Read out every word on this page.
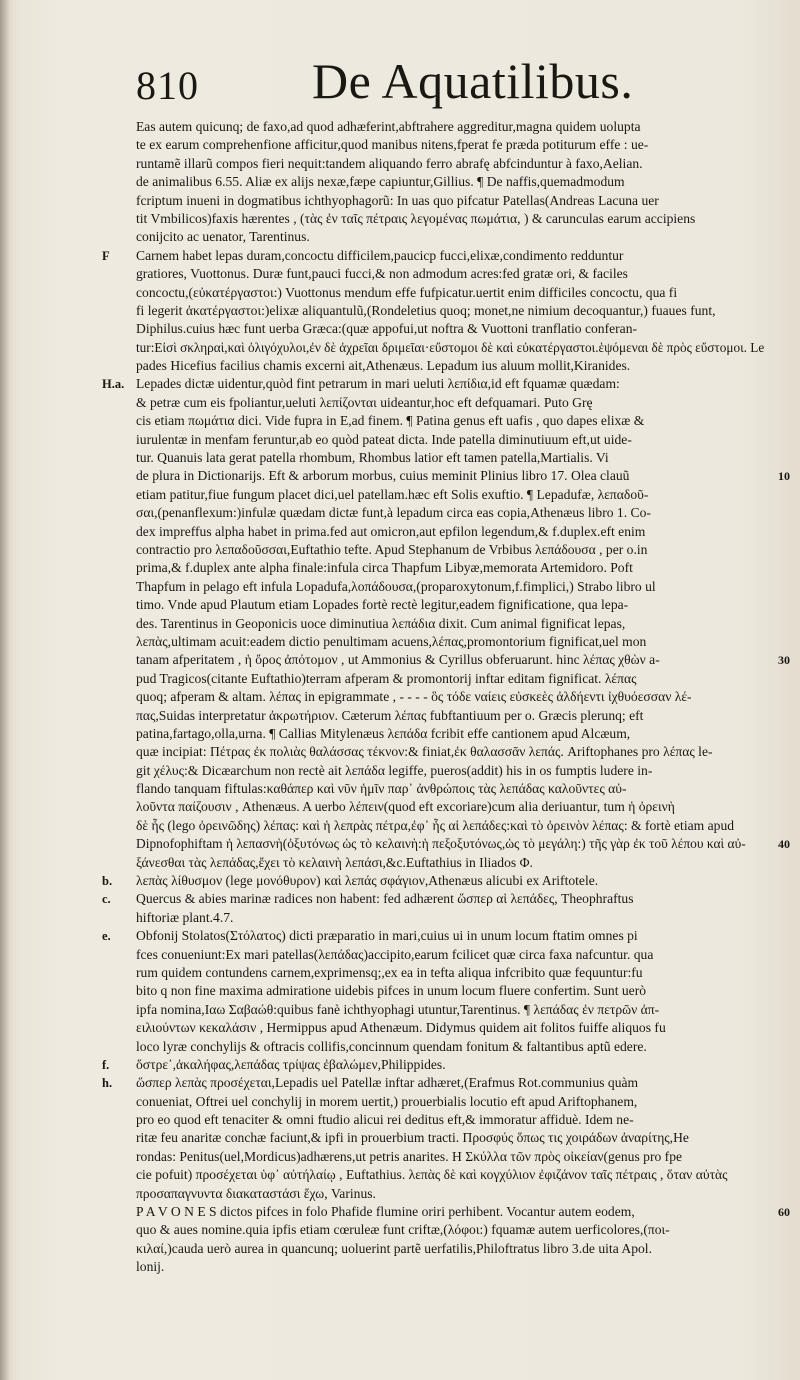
810 De Aquatilibus.
Eas autem quicunq; de faxo,ad quod adhæferint,abftrahere aggreditur,magna quidem uolupta
te ex earum comprehenfione afficitur,quod manibus nitens,fperat fe præda potiturum effe : ue-
runtamẽ illarũ compos fieri nequit:tandem aliquando ferro abrafę abfcinduntur à faxo,Aelian.
de animalibus 6.55. Aliæ ex alijs nexæ,fæpe capiuntur,Gillius. ¶ De naffis,quemadmodum
fcriptum inueni in dogmatibus ichthyophagorũ: In uas quo pifcatur Patellas(Andreas Lacuna uer
tit Vmbilicos)faxis hærentes , (τὰς ἐν ταῖς πέτραις λεγομένας πωμάτια, ) & carunculas earum accipiens
conijcito ac uenator, Tarentinus.
F Carnem habet lepas duram,concoctu difficilem,paucicp fucci,elixæ,condimento redduntur
gratiores, Vuottonus. Duræ funt,pauci fucci,& non admodum acres:fed gratæ ori, & faciles
concoctu,(εὐκατέργαστοι:) Vuottonus mendum effe fufpicatur.uertit enim difficiles concoctu, qua fi
fi legerit ἀκατέργαστοι:)elixæ aliquantulũ,(Rondeletius quoq; monet,ne nimium decoquantur,) fuaues funt,
Diphilus.cuius hæc funt uerba Græca:(quæ appofui,ut noftra & Vuottoni tranflatio conferan-
tur:Εἰσὶ σκληραὶ,καὶ ὀλιγόχυλοι,ἐν δὲ ἀχρεῖαι δριμεῖαι·εὔστομοι δὲ καὶ εὐκατέργαστοι.ἑψόμεναι δὲ πρὸς εὔστομοι. Le
pades Hicefius facilius chamis excerni ait,Athenæus. Lepadum ius aluum mollit,Kiranides.
H.a. Lepades dictæ uidentur,quòd fint petrarum in mari ueluti λεπίδια,id eft fquamæ quædam:
& petræ cum eis fpoliantur,ueluti λεπίζονται uideantur,hoc eft defquamari. Puto Grę
cis etiam πωμάτια dici. Vide fupra in E,ad finem. ¶ Patina genus eft uafis , quo dapes elixæ &
iurulentæ in menfam feruntur,ab eo quòd pateat dicta. Inde patella diminutiuum eft,ut uide-
tur. Quanuis lata gerat patella rhombum, Rhombus latior eft tamen patella,Martialis. Vi
de plura in Dictionarijs. Eft & arborum morbus, cuius meminit Plinius libro 17. Olea clauũ	10
etiam patitur,fiue fungum placet dici,uel patellam.hæc eft Solis exuftio. ¶ Lepadufæ, λεπαδοῦ-
σαι,(penanflexum:)infulæ quædam dictæ funt,à lepadum circa eas copia,Athenæus libro 1. Co-
dex impreffus alpha habet in prima.fed aut omicron,aut epfilon legendum,& f.duplex.eft enim
contractio pro λεπαδοῦσσαι,Euftathio tefte. Apud Stephanum de Vrbibus λεπάδουσα , per o.in
prima,& f.duplex ante alpha finale:infula circa Thapfum Libyæ,memorata Artemidoro. Poft
Thapfum in pelago eft infula Lopadufa,λοπάδουσα,(proparoxytonum,f.fimplici,) Strabo libro ul
timo. Vnde apud Plautum etiam Lopades fortè rectè legitur,eadem fignificatione, qua lepa-
des. Tarentinus in Geoponicis uoce diminutiua λεπάδια dixit. Cum animal fignificat lepas,
λεπὰς,ultimam acuit:eadem dictio penultimam acuens,λέπας,promontorium fignificat,uel mon
tanam afperitatem , ἡ ὄρος ἀπότομον , ut Ammonius & Cyrillus obferuarunt. hinc λέπας χθὼν a-	30
pud Tragicos(citante Euftathio)terram afperam & promontorij inftar editam fignificat. λέπας
quoq; afperam & altam. λέπας in epigrammate , - - - - ὃς τόδε ναίεις εὐσκεὲς ἀλδήεντι ἰχθυόεσσαν λέ-
πας,Suidas interpretatur ἀκρωτήριον. Cæterum λέπας fubftantiuum per o. Græcis plerunq; eft
patina,fartago,olla,urna. ¶ Callias Mitylenæus λεπάδα fcribit effe cantionem apud Alcæum,
quæ incipiat: Πέτρας ἐκ πολιὰς θαλάσσας τέκνον:& finiat,ἐκ θαλασσᾶν λεπάς. Ariftophanes pro λέπας le-
git χέλυς:& Dicæarchum non rectè ait λεπάδα legiffe, pueros(addit) his in os fumptis ludere in-
flando tanquam fiftulas:καθάπερ καὶ νῦν ἡμῖν παρ᾽ ἀνθρώποις τὰς λεπάδας καλοῦντες αὐ-
λοῦντα παίζουσιν , Athenæus. A uerbo λέπειν(quod eft excoriare)cum alia deriuantur, tum ἡ ὀρεινὴ
δὲ ἧς (lego ὀρεινῶδης) λέπας: καὶ ἡ λεπρὰς πέτρα,ἐφ᾽ ἧς αἱ λεπάδες:καὶ τὸ ὀρεινὸν λέπας: & fortè etiam apud
Dipnofophiftam ἡ λεπασνὴ(ὀξυτόνως ὡς τὸ κελαινὴ:ἡ πεξοξυτόνως,ὡς τὸ μεγάλη:) τῆς γὰρ ἐκ τοῦ λέπου καὶ αὐ-	40
ξάνεσθαι τὰς λεπάδας,ἔχει τὸ κελαινὴ λεπάσι,&c.Euftathius in Iliados Φ.
b. λεπὰς λίθυσμον (lege μονόθυρον) καὶ λεπάς σφάγιον,Athenæus alicubi ex Ariftotele.
c. Quercus & abies marinæ radices non habent: fed adhærent ὥσπερ αἱ λεπάδες, Theophraftus
hiftoriæ plant.4.7.
e. Obfonij Stolatos(Στόλατος) dicti præparatio in mari,cuius ui in unum locum ftatim omnes pi
fces conueniunt:Ex mari patellas(λεπάδας)accipito,earum fcilicet quæ circa faxa nafcuntur. qua
rum quidem contundens carnem,exprimensq;,ex ea in tefta aliqua infcribito quæ fequuntur:fu
bito q non fine maxima admiratione uidebis pifces in unum locum fluere confertim. Sunt uerò
ipfa nomina,Ιαω Σαβαώθ:quibus fanè ichthyophagi utuntur,Tarentinus. ¶ λεπάδας ἐν πετρῶν ἀπ-
ειλιούντων κεκαλάσιν , Hermippus apud Athenæum. Didymus quidem ait folitos fuiffe aliquos fu
loco lyræ conchylijs & oftracis collifis,concinnum quendam fonitum & faltantibus aptũ edere.
f. ὄστρε᾽,ἀκαλήφας,λεπάδας τρίψας ἐβαλώμεν,Philippides.
h. ὥσπερ λεπὰς προσέχεται,Lepadis uel Patellæ inftar adhæret,(Erafmus Rot.communius quàm
conueniat, Oftrei uel conchylij in morem uertit,) prouerbialis locutio eft apud Ariftophanem,
pro eo quod eft tenaciter & omni ftudio alicui rei deditus eft,& immoratur affiduè. Idem ne-
ritæ feu anaritæ conchæ faciunt,& ipfi in prouerbium tracti. Προσφύς ὅπως τις χοιράδων ἀναρίτης,He
rondas: Penitus(uel,Mordicus)adhærens,ut petris anarites. Η Σκύλλα τῶν πρὸς οἰκείαν(genus pro fpe
cie pofuit) προσέχεται ὑφ᾽ αὐτήλαίῳ , Euftathius. λεπὰς δὲ καὶ κογχύλιον ἐφιζάνον ταῖς πέτραις , ὅταν αὐτὰς
προσαπαγνυντα διακαταστάσι ἔχω, Varinus.
P A V O N E S dictos pifces in folo Phafide flumine oriri perhibent. Vocantur autem eodem,	60
quo & aues nomine.quia ipfis etiam cœruleæ funt criftæ,(λόφοι:) fquamæ autem uerficolores,(ποι-
κιλαί,)cauda uerò aurea in quancunq; uoluerint partẽ uerfatilis,Philoftratus libro 3.de uita Apol.
lonij.
